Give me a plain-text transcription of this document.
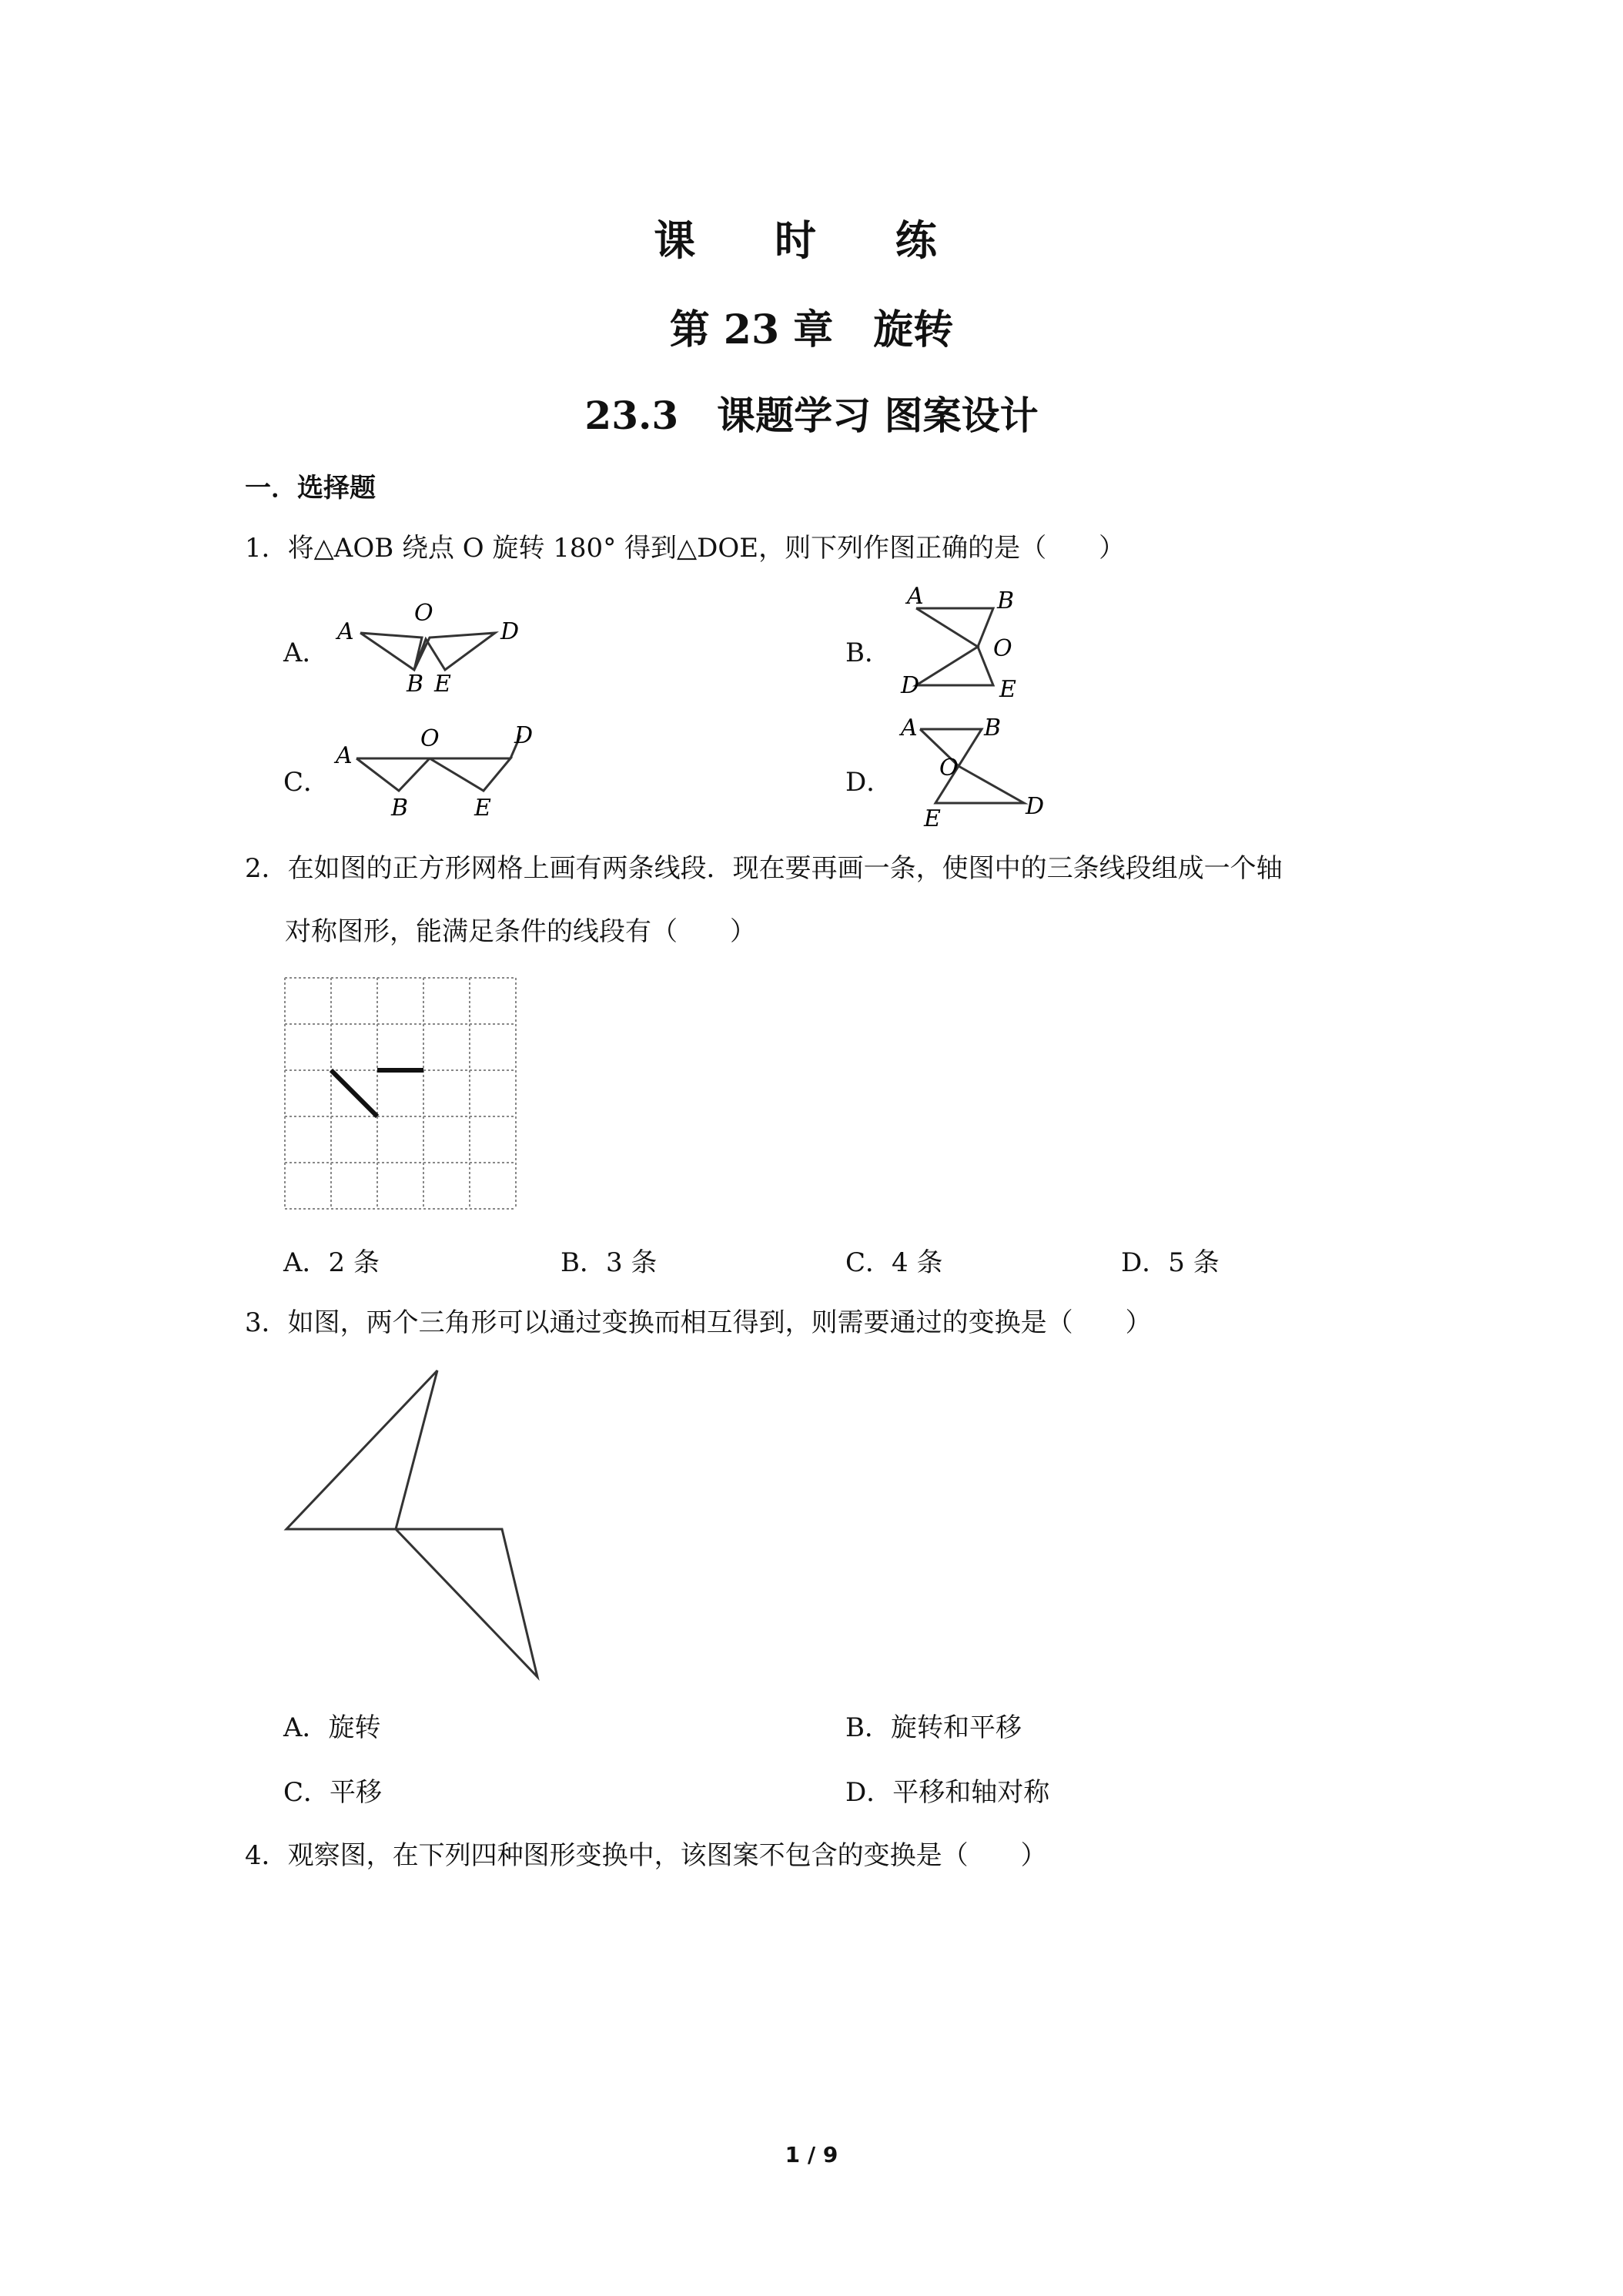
课 时 练
第 23 章　旋转
23.3　课题学习 图案设计
一．选择题
1．将△AOB 绕点 O 旋转 180° 得到△DOE，则下列作图正确的是（　　）
A．
A
O
B E
D
B．
A	B
O
D	E
C．
A
O
B	E
D
D．
A	B
O
E	D
2．在如图的正方形网格上画有两条线段．现在要再画一条，使图中的三条线段组成一个轴
对称图形，能满足条件的线段有（　　）
A．2 条	B．3 条	C．4 条	D．5 条
3．如图，两个三角形可以通过变换而相互得到，则需要通过的变换是（　　）
A．旋转	B．旋转和平移
C．平移	D．平移和轴对称
4．观察图，在下列四种图形变换中，该图案不包含的变换是（　　）
1 / 9
